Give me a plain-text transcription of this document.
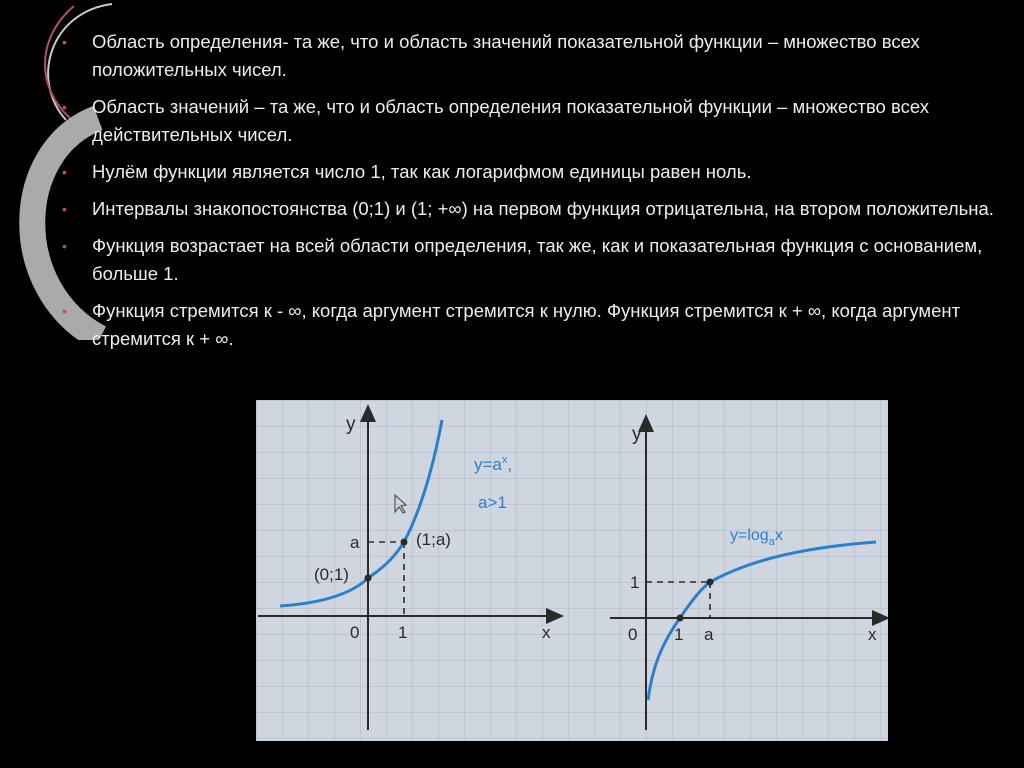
• Область определения- та же, что и область значений показательной функции – множество всех положительных чисел.
• Область значений – та же, что и область определения показательной функции – множество всех действительных чисел.
• Нулём функции является число 1, так как логарифмом единицы равен ноль.
• Интервалы знакопостоянства (0;1) и (1; +∞) на первом функция отрицательна, на втором положительна.
• Функция возрастает на всей области определения, так же, как и показательная функция с основанием, больше 1.
• Функция стремится к - ∞, когда аргумент стремится к нулю. Функция стремится к + ∞, когда аргумент стремится к + ∞.
y
x
0 1
a
(0;1)
(1;a)
$y=a^x$,
a>1
y
x
0 1 a
1
$y=\log_ax$
